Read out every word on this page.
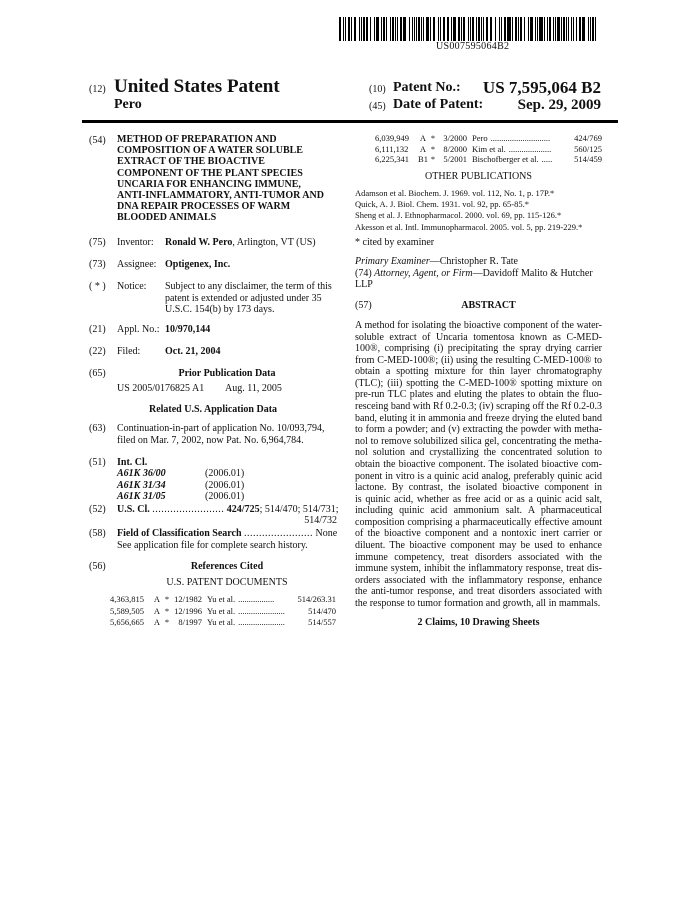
US007595064B2
(12) United States Patent
Pero
(10) Patent No.:	US 7,595,064 B2
(45) Date of Patent:	Sep. 29, 2009
(54) METHOD OF PREPARATION AND
COMPOSITION OF A WATER SOLUBLE
EXTRACT OF THE BIOACTIVE
COMPONENT OF THE PLANT SPECIES
UNCARIA FOR ENHANCING IMMUNE,
ANTI-INFLAMMATORY, ANTI-TUMOR AND
DNA REPAIR PROCESSES OF WARM
BLOODED ANIMALS
(75) Inventor: Ronald W. Pero, Arlington, VT (US)
(73) Assignee: Optigenex, Inc.
( * ) Notice: Subject to any disclaimer, the term of this
patent is extended or adjusted under 35
U.S.C. 154(b) by 173 days.
(21) Appl. No.: 10/970,144
(22) Filed: Oct. 21, 2004
(65)	Prior Publication Data
US 2005/0176825 A1 Aug. 11, 2005
Related U.S. Application Data
(63) Continuation-in-part of application No. 10/093,794,
filed on Mar. 7, 2002, now Pat. No. 6,964,784.
(51) Int. Cl.
A61K 36/00	(2006.01)
A61K 31/34	(2006.01)
A61K 31/05	(2006.01)
(52) U.S. Cl. ........................ 424/725; 514/470; 514/731;
514/732
(58) Field of Classification Search ....................... None
See application file for complete search history.
(56)	References Cited
U.S. PATENT DOCUMENTS
4,363,815	A * 12/1982 Yu et al. .................	514/263.31
5,589,505	A * 12/1996 Yu et al. ......................	514/470
5,656,665	A *	8/1997 Yu et al. ......................	514/557
6,039,949	A * 3/2000 Pero ............................	424/769
6,111,132	A * 8/2000 Kim et al. ....................	560/125
6,225,341	B1 * 5/2001 Bischofberger et al. .....	514/459
OTHER PUBLICATIONS
Adamson et al. Biochem. J. 1969. vol. 112, No. 1, p. 17P.*
Quick, A. J. Biol. Chem. 1931. vol. 92, pp. 65-85.*
Sheng et al. J. Ethnopharmacol. 2000. vol. 69, pp. 115-126.*
Akesson et al. Intl. Immunopharmacol. 2005. vol. 5, pp. 219-229.*
* cited by examiner
Primary Examiner—Christopher R. Tate
(74) Attorney, Agent, or Firm—Davidoff Malito & Hutcher
LLP
(57)	ABSTRACT
A method for isolating the bioactive component of the water-
soluble extract of Uncaria tomentosa known as C-MED-
100®, comprising (i) precipitating the spray drying carrier
from C-MED-100®; (ii) using the resulting C-MED-100® to
obtain a spotting mixture for thin layer chromatography
(TLC); (iii) spotting the C-MED-100® spotting mixture on
pre-run TLC plates and eluting the plates to obtain the fluo-
resceing band with Rf 0.2-0.3; (iv) scraping off the Rf 0.2-0.3
band, eluting it in ammonia and freeze drying the eluted band
to form a powder; and (v) extracting the powder with metha-
nol to remove solubilized silica gel, concentrating the metha-
nol solution and crystallizing the concentrated solution to
obtain the bioactive component. The isolated bioactive com-
ponent in vitro is a quinic acid analog, preferably quinic acid
lactone. By contrast, the isolated bioactive component in
is quinic acid, whether as free acid or as a quinic acid salt,
including quinic acid ammonium salt. A pharmaceutical
composition comprising a pharmaceutically effective amount
of the bioactive component and a nontoxic inert carrier or
diluent. The bioactive component may be used to enhance
immune competency, treat disorders associated with the
immune system, inhibit the inflammatory response, treat dis-
orders associated with the inflammatory response, enhance
the anti-tumor response, and treat disorders associated with
the response to tumor formation and growth, all in mammals.
2 Claims, 10 Drawing Sheets
